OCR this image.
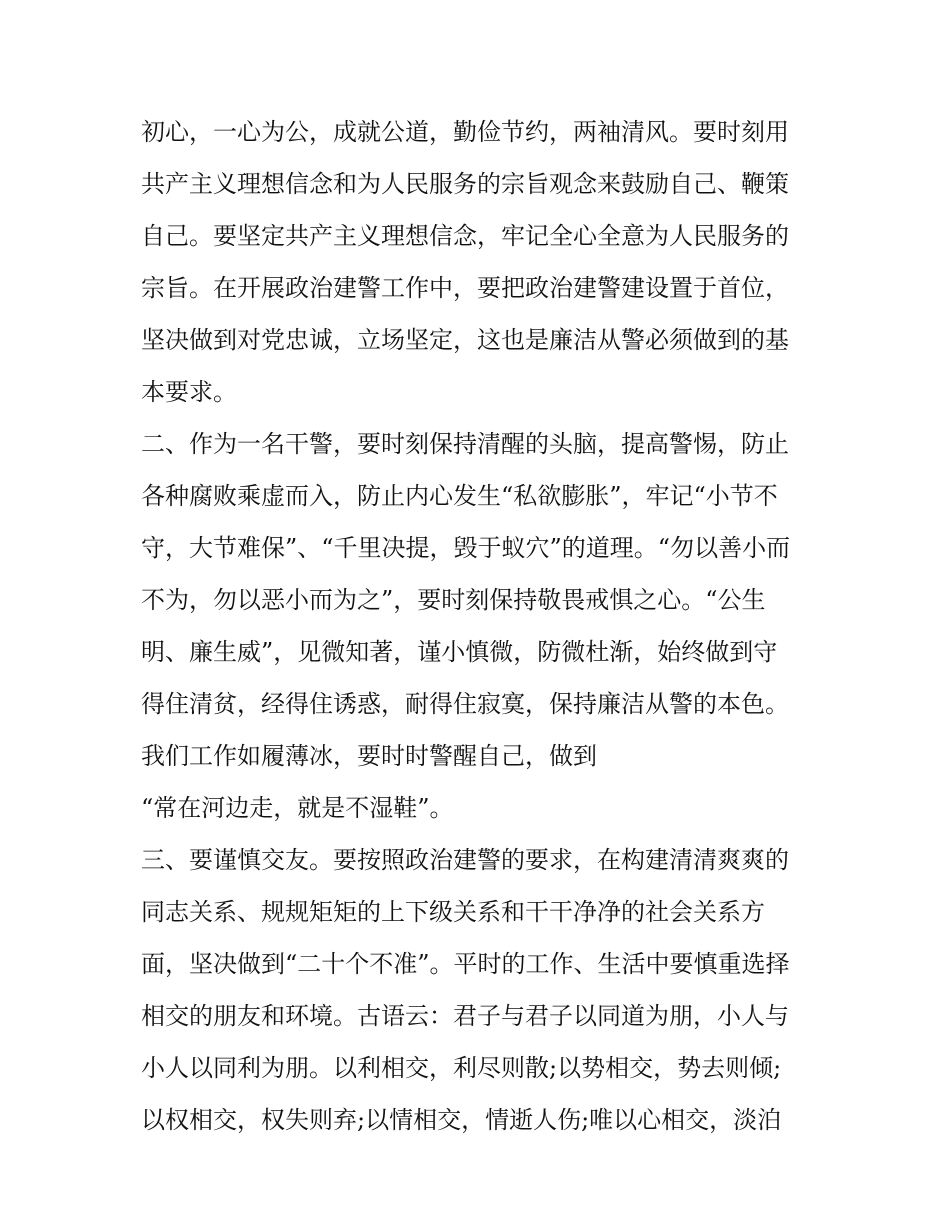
初心，一心为公，成就公道，勤俭节约，两袖清风。要时刻用
共产主义理想信念和为人民服务的宗旨观念来鼓励自己、鞭策
自己。要坚定共产主义理想信念，牢记全心全意为人民服务的
宗旨。在开展政治建警工作中，要把政治建警建设置于首位，
坚决做到对党忠诚，立场坚定，这也是廉洁从警必须做到的基
本要求。
二、作为一名干警，要时刻保持清醒的头脑，提高警惕，防止
各种腐败乘虚而入，防止内心发生“私欲膨胀”，牢记“小节不
守，大节难保”、“千里决提，毁于蚁穴”的道理。“勿以善小而
不为，勿以恶小而为之”，要时刻保持敬畏戒惧之心。“公生
明、廉生威”，见微知著，谨小慎微，防微杜渐，始终做到守
得住清贫，经得住诱惑，耐得住寂寞，保持廉洁从警的本色。
我们工作如履薄冰，要时时警醒自己，做到
“常在河边走，就是不湿鞋”。
三、要谨慎交友。要按照政治建警的要求，在构建清清爽爽的
同志关系、规规矩矩的上下级关系和干干净净的社会关系方
面，坚决做到“二十个不准”。平时的工作、生活中要慎重选择
相交的朋友和环境。古语云：君子与君子以同道为朋，小人与
小人以同利为朋。以利相交，利尽则散;以势相交，势去则倾;
以权相交，权失则弃;以情相交，情逝人伤;唯以心相交，淡泊
